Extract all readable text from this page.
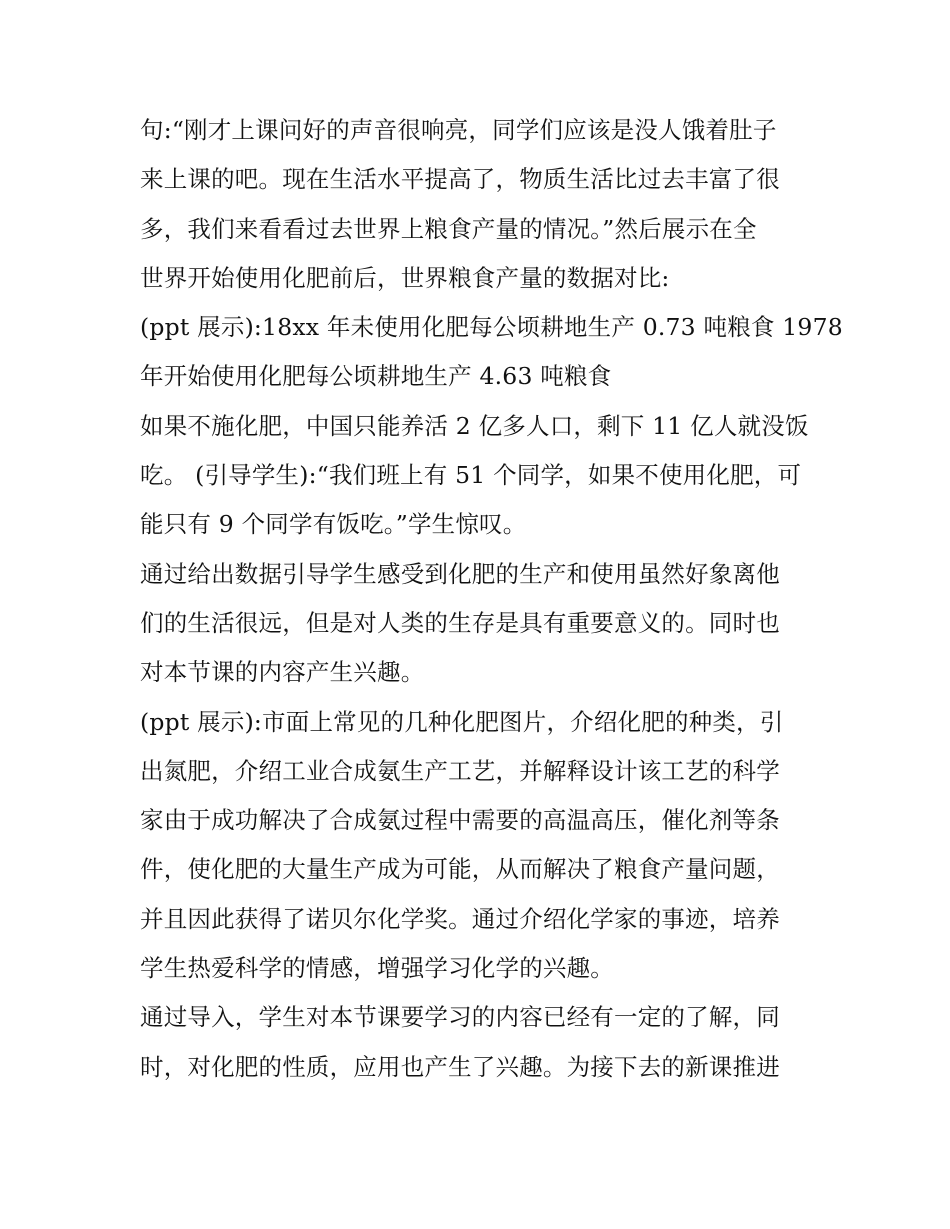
句:“刚才上课问好的声音很响亮，同学们应该是没人饿着肚子
来上课的吧。现在生活水平提高了，物质生活比过去丰富了很
多，我们来看看过去世界上粮食产量的情况。”然后展示在全
世界开始使用化肥前后，世界粮食产量的数据对比:
(ppt 展示):18xx 年未使用化肥每公顷耕地生产 0.73 吨粮食 1978
年开始使用化肥每公顷耕地生产 4.63 吨粮食
如果不施化肥，中国只能养活 2 亿多人口，剩下 11 亿人就没饭
吃。 (引导学生):“我们班上有 51 个同学，如果不使用化肥，可
能只有 9 个同学有饭吃。”学生惊叹。
通过给出数据引导学生感受到化肥的生产和使用虽然好象离他
们的生活很远，但是对人类的生存是具有重要意义的。同时也
对本节课的内容产生兴趣。
(ppt 展示):市面上常见的几种化肥图片，介绍化肥的种类，引
出氮肥，介绍工业合成氨生产工艺，并解释设计该工艺的科学
家由于成功解决了合成氨过程中需要的高温高压，催化剂等条
件，使化肥的大量生产成为可能，从而解决了粮食产量问题，
并且因此获得了诺贝尔化学奖。通过介绍化学家的事迹，培养
学生热爱科学的情感，增强学习化学的兴趣。
通过导入，学生对本节课要学习的内容已经有一定的了解，同
时，对化肥的性质，应用也产生了兴趣。为接下去的新课推进
